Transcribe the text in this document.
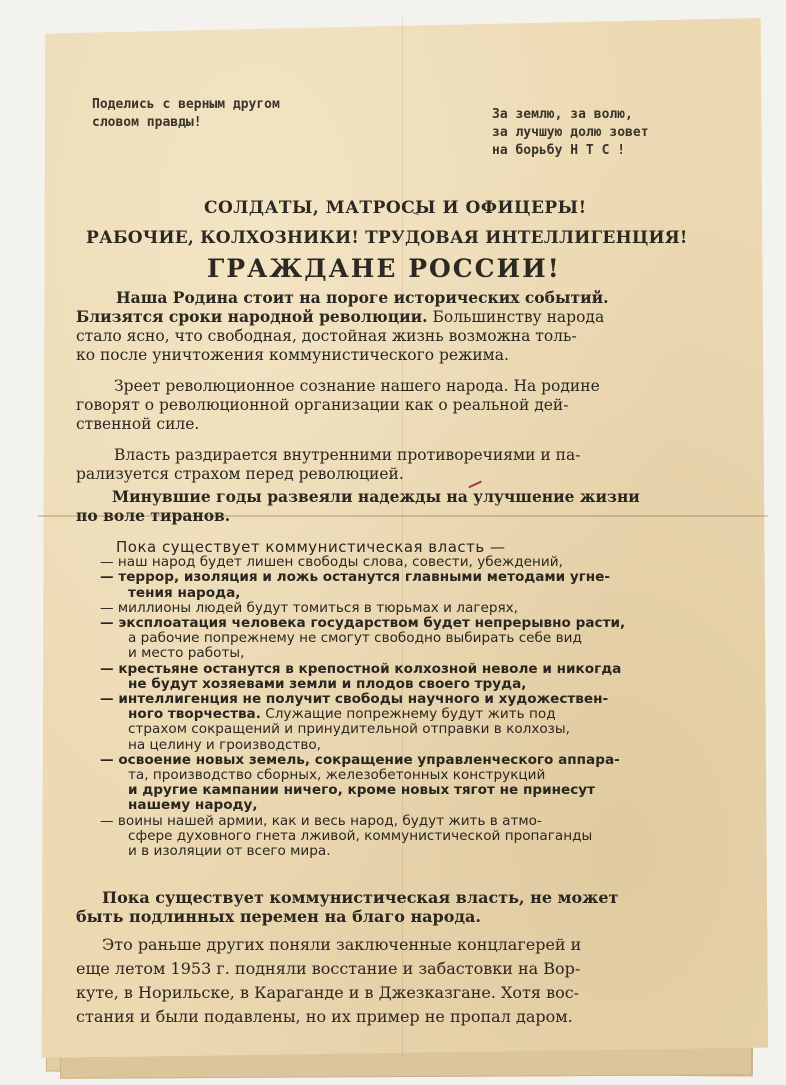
Поделись с верным другом
словом правды!
За землю, за волю,
за лучшую долю зовет
на борьбу Н Т С !
СОЛДАТЫ, МАТРОСЫ И ОФИЦЕРЫ!
РАБОЧИЕ, КОЛХОЗНИКИ! ТРУДОВАЯ ИНТЕЛЛИГЕНЦИЯ!
ГРАЖДАНЕ РОССИИ!
Наша Родина стоит на пороге исторических событий.
Близятся сроки народной революции. Большинству народа
стало ясно, что свободная, достойная жизнь возможна толь-
ко после уничтожения коммунистического режима.
Зреет революционное сознание нашего народа. На родине
говорят о революционной организации как о реальной дей-
ственной силе.
Власть раздирается внутренними противоречиями и па-
рализуется страхом перед революцией.
Минувшие годы развеяли надежды на улучшение жизни
по воле тиранов.
Пока существует коммунистическая власть —
— наш народ будет лишен свободы слова, совести, убеждений,
— террор, изоляция и ложь останутся главными методами угне-
тения народа,
— миллионы людей будут томиться в тюрьмах и лагерях,
— эксплоатация человека государством будет непрерывно расти,
а рабочие попрежнему не смогут свободно выбирать себе вид
и место работы,
— крестьяне останутся в крепостной колхозной неволе и никогда
не будут хозяевами земли и плодов своего труда,
— интеллигенция не получит свободы научного и художествен-
ного творчества. Служащие попрежнему будут жить под
страхом сокращений и принудительной отправки в колхозы,
на целину и гроизводство,
— освоение новых земель, сокращение управленческого аппара-
та, производство сборных, железобетонных конструкций
и другие кампании ничего, кроме новых тягот не принесут
нашему народу,
— воины нашей армии, как и весь народ, будут жить в атмо-
сфере духовного гнета лживой, коммунистической пропаганды
и в изоляции от всего мира.
Пока существует коммунистическая власть, не может
быть подлинных перемен на благо народа.
Это раньше других поняли заключенные концлагерей и
еще летом 1953 г. подняли восстание и забастовки на Вор-
куте, в Норильске, в Караганде и в Джезказгане. Хотя вос-
стания и были подавлены, но их пример не пропал даром.
